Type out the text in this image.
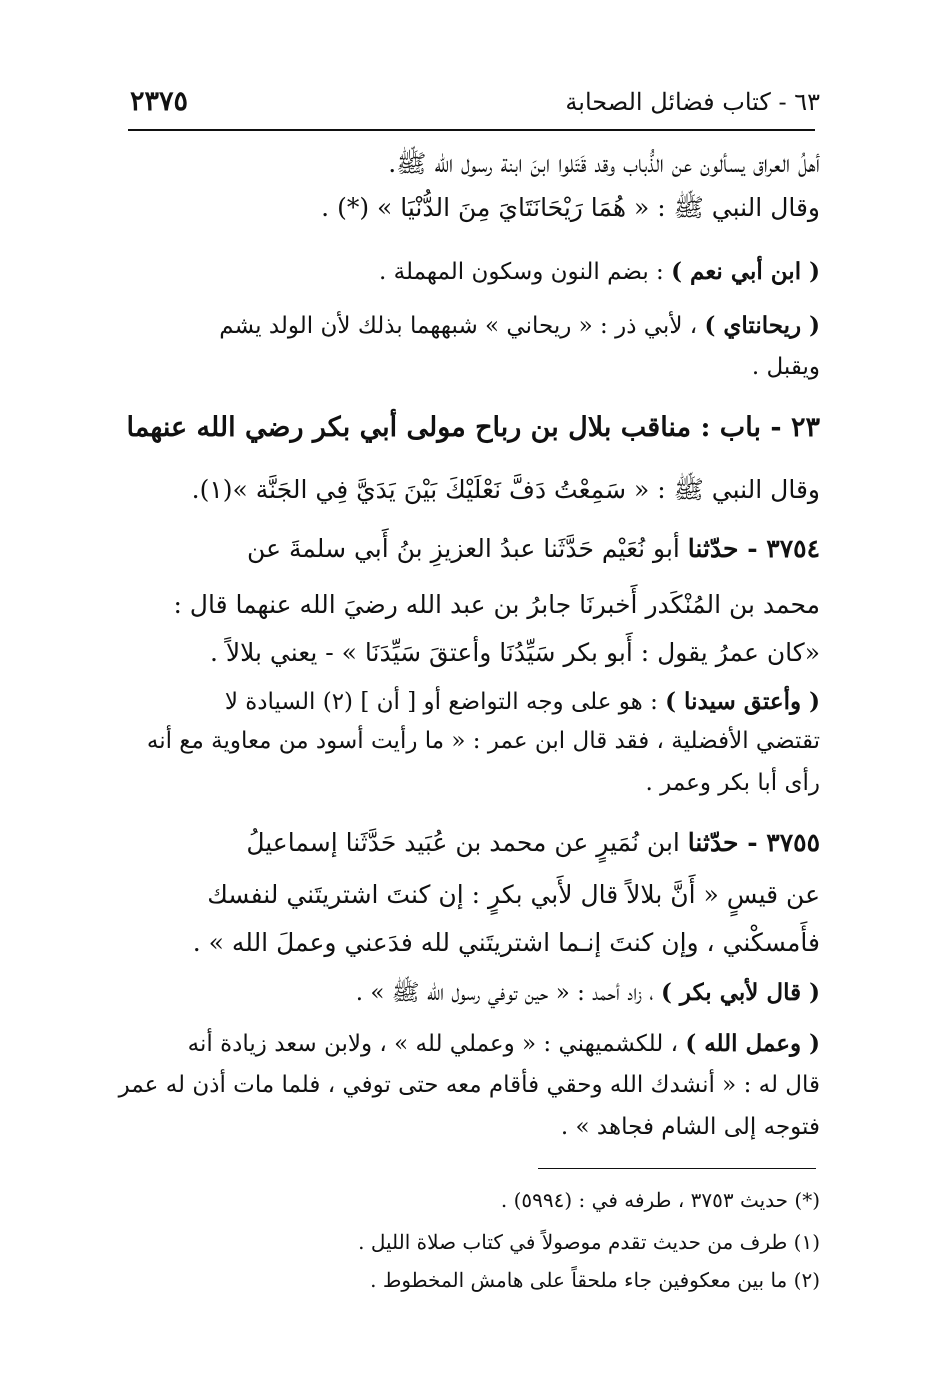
٢٣٧٥	٦٣ - كتاب فضائل الصحابة
أهلُ العراق يسألون عن الذُّباب وقد قَتَلوا ابنَ ابنة رسول الله ﷺ.
وقال النبي ﷺ : « هُمَا رَيْحَانَتَايَ مِنَ الدُّنْيَا » (*) .
( ابن أبي نعم ) : بضم النون وسكون المهملة .
( ريحانتاي ) ، لأبي ذر : « ريحاني » شبههما بذلك لأن الولد يشم
ويقبل .
٢٣ - باب : مناقب بلال بن رباح مولى أبي بكر رضي الله عنهما
وقال النبي ﷺ : « سَمِعْتُ دَفَّ نَعْلَيْكَ بَيْنَ يَدَيَّ فِي الجَنَّة »(١).
٣٧٥٤ - حدّثنا أبو نُعَيْم حَدَّثَنا عبدُ العزيزِ بنُ أَبي سلمةَ عن
محمد بن المُنْكَدر أَخبرنَا جابرُ بن عبد الله رضيَ الله عنهما قال :
«كان عمرُ يقول : أَبو بكر سَيِّدُنَا وأعتقَ سَيِّدَنَا » - يعني بلالاً .
( وأعتق سيدنا ) : هو على وجه التواضع أو [ أن ] (٢) السيادة لا
تقتضي الأفضلية ، فقد قال ابن عمر : « ما رأيت أسود من معاوية مع أنه
رأى أبا بكر وعمر .
٣٧٥٥ - حدّثنا ابن نُمَيرٍ عن محمد بن عُبَيد حَدَّثَنا إسماعيلُ
عن قيسٍ « أَنَّ بلالاً قال لأَبي بكرٍ : إن كنتَ اشتريتَني لنفسك
فأَمسكْني ، وإن كنتَ إنـما اشتريتَني لله فدَعني وعملَ الله » .
( قال لأبي بكر ) ، زاد أحمد : « حين توفي رسول الله ﷺ » .
( وعمل الله ) ، للكشميهني : « وعملي لله » ، ولابن سعد زيادة أنه
قال له : « أنشدك الله وحقي فأقام معه حتى توفي ، فلما مات أذن له عمر
فتوجه إلى الشام فجاهد » .
(*) حديث ٣٧٥٣ ، طرفه في : (٥٩٩٤) .
(١) طرف من حديث تقدم موصولاً في كتاب صلاة الليل .
(٢) ما بين معكوفين جاء ملحقاً على هامش المخطوط .
